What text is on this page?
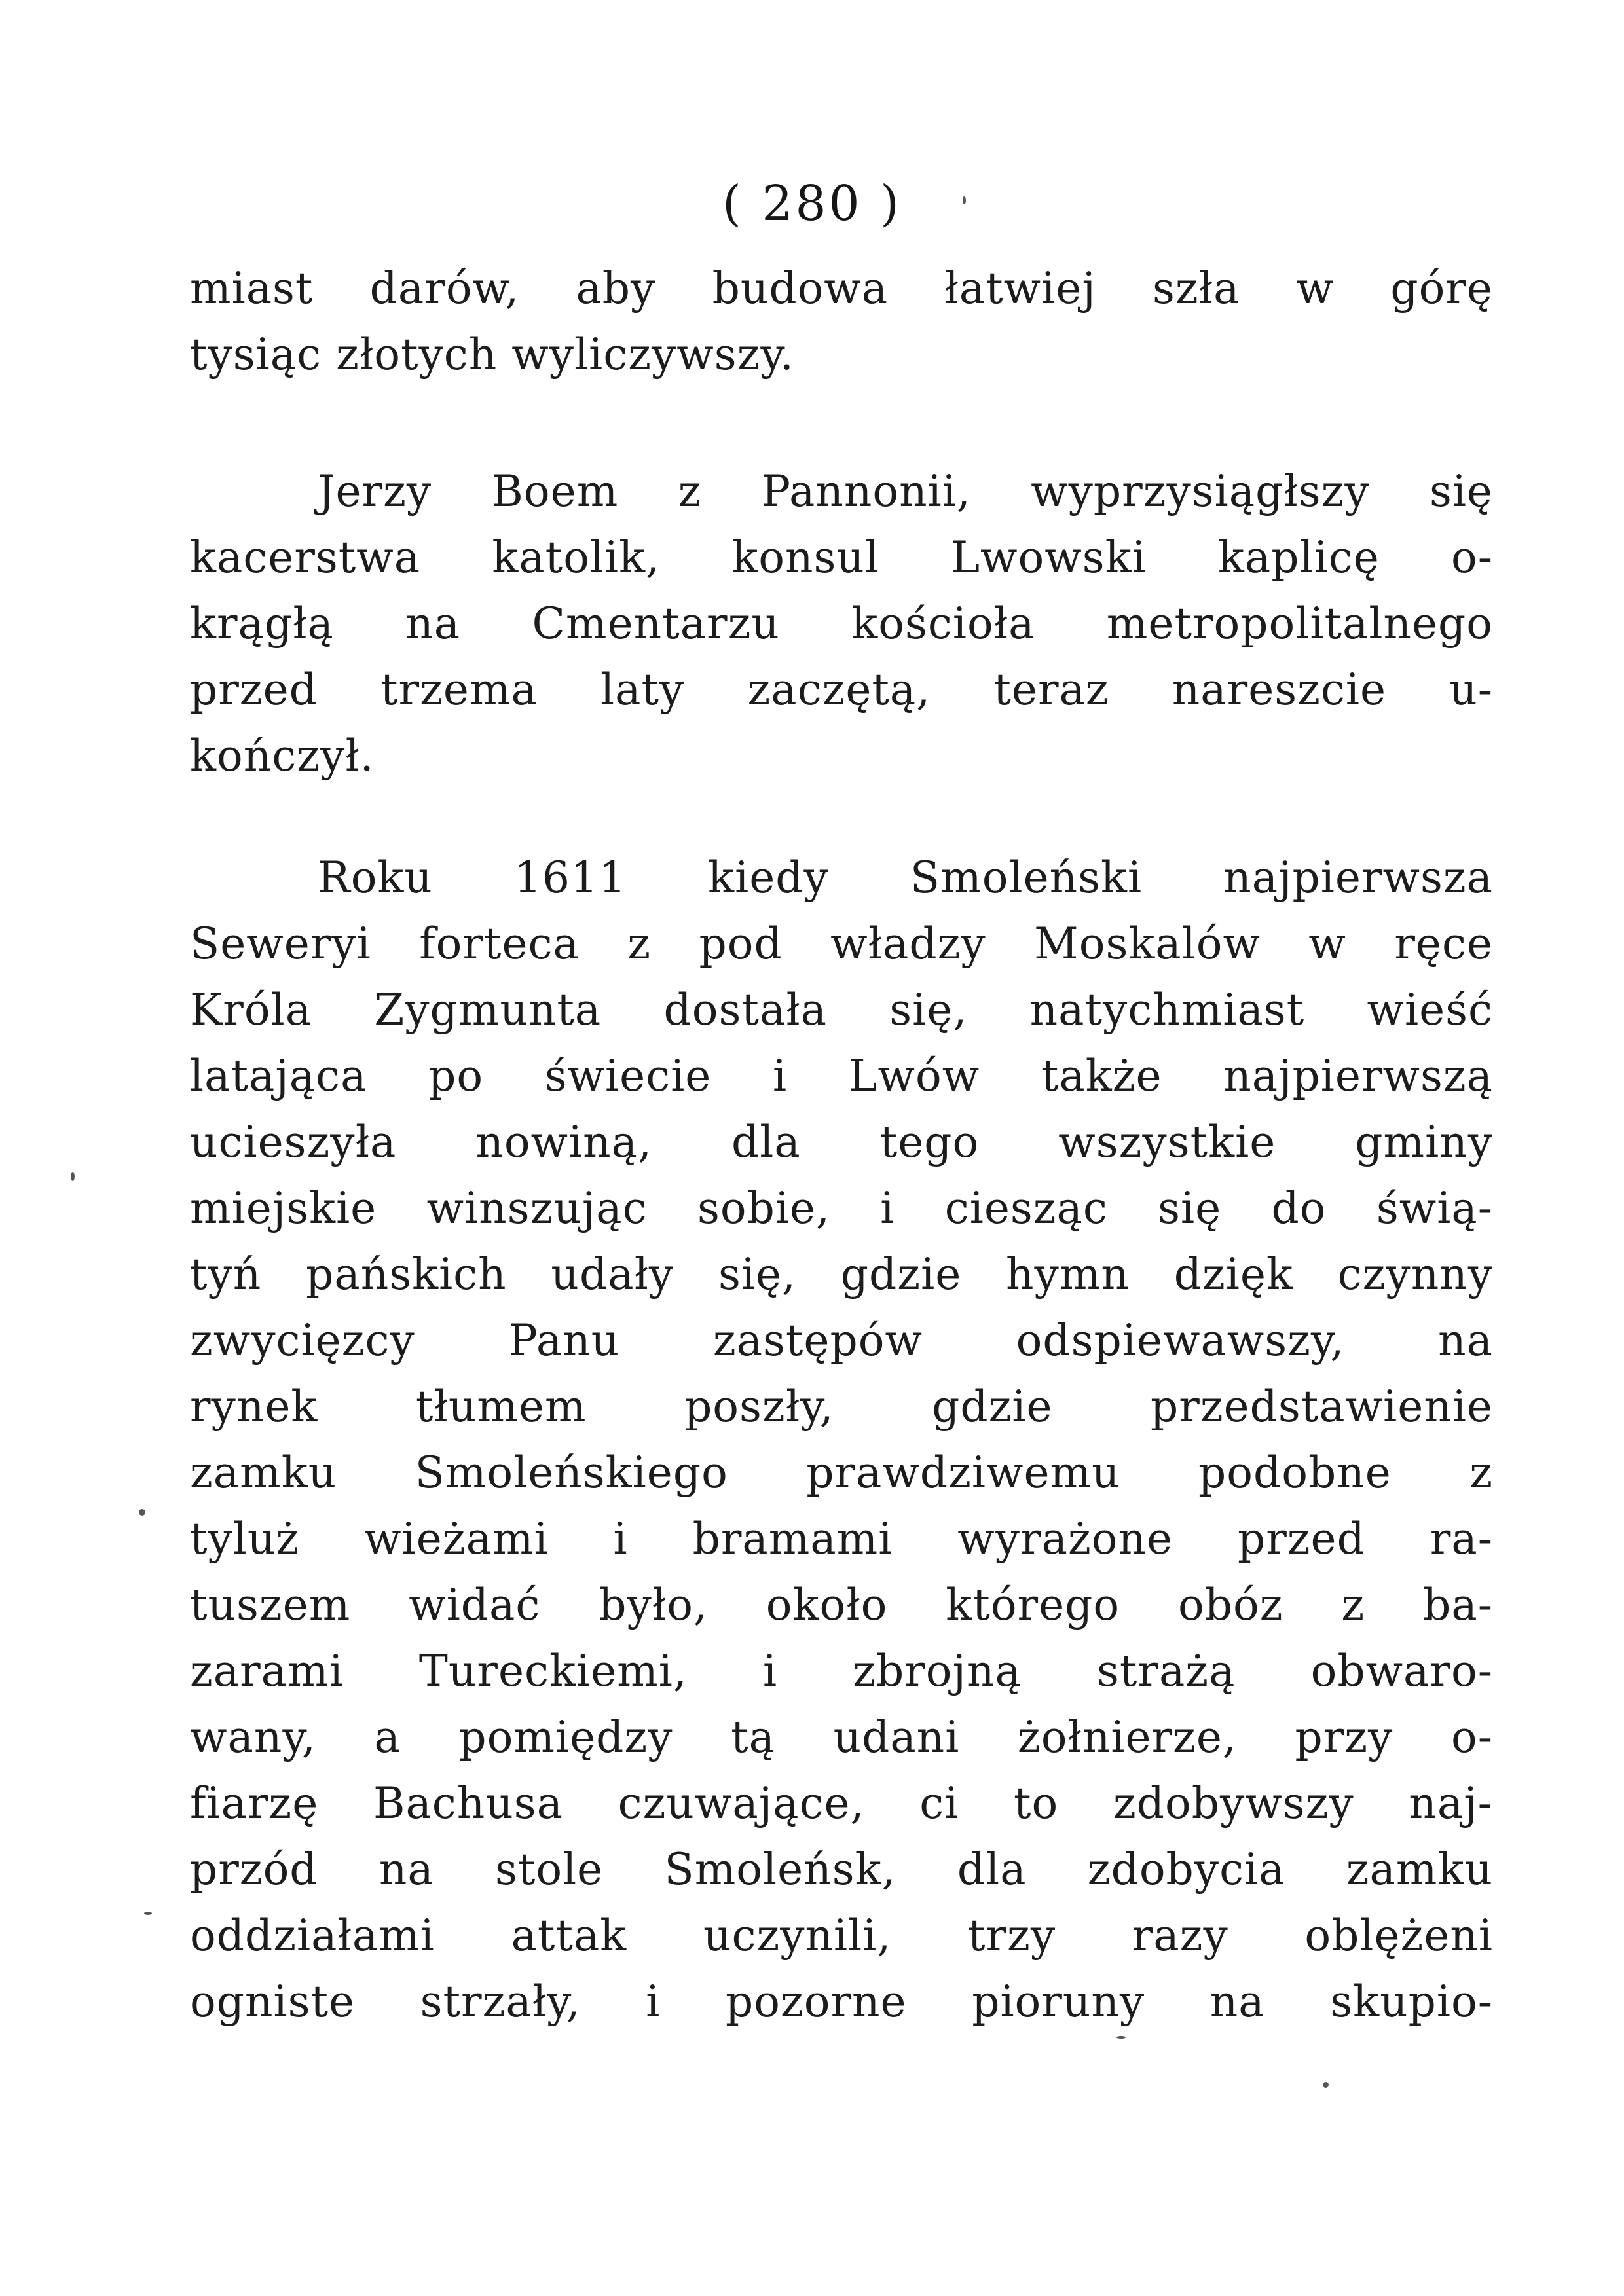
( 280 )
miast darów, aby budowa łatwiej szła w górę
tysiąc złotych wyliczywszy.
Jerzy Boem z Pannonii, wyprzysiągłszy się
kacerstwa katolik, konsul Lwowski kaplicę o-
krągłą na Cmentarzu kościoła metropolitalnego
przed trzema laty zaczętą, teraz nareszcie u-
kończył.
Roku 1611 kiedy Smoleński najpierwsza
Seweryi forteca z pod władzy Moskalów w ręce
Króla Zygmunta dostała się, natychmiast wieść
latająca po świecie i Lwów także najpierwszą
ucieszyła nowiną, dla tego wszystkie gminy
miejskie winszując sobie, i ciesząc się do świą-
tyń pańskich udały się, gdzie hymn dzięk czynny
zwycięzcy Panu zastępów odspiewawszy, na
rynek tłumem poszły, gdzie przedstawienie
zamku Smoleńskiego prawdziwemu podobne z
tyluż wieżami i bramami wyrażone przed ra-
tuszem widać było, około którego obóz z ba-
zarami Tureckiemi, i zbrojną strażą obwaro-
wany, a pomiędzy tą udani żołnierze, przy o-
fiarzę Bachusa czuwające, ci to zdobywszy naj-
przód na stole Smoleńsk, dla zdobycia zamku
oddziałami attak uczynili, trzy razy oblężeni
ogniste strzały, i pozorne pioruny na skupio-
